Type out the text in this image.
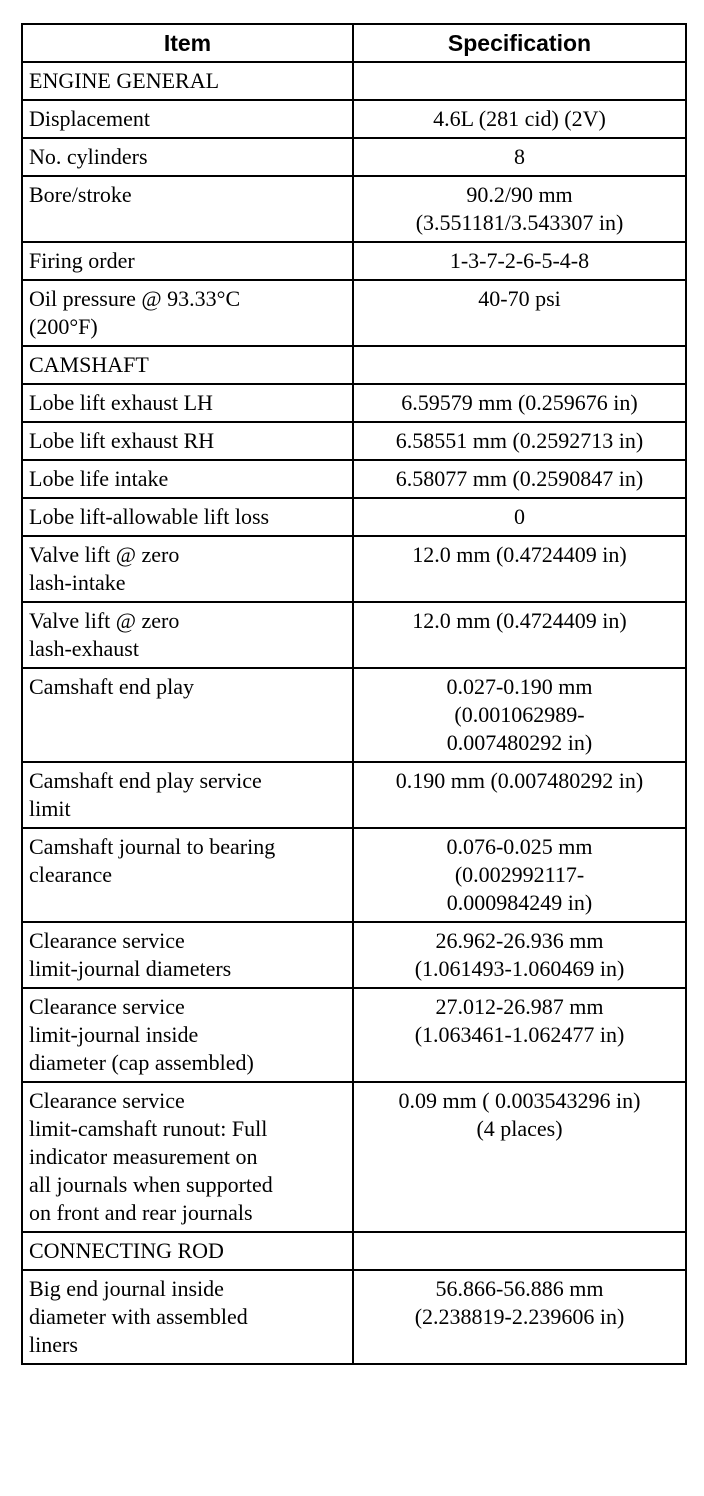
Item	Specification
ENGINE GENERAL	
Displacement	4.6L (281 cid) (2V)
No. cylinders	8
Bore/stroke	90.2/90 mm
(3.551181/3.543307 in)
Firing order	1-3-7-2-6-5-4-8
Oil pressure @ 93.33°C
(200°F)	40-70 psi
CAMSHAFT	
Lobe lift exhaust LH	6.59579 mm (0.259676 in)
Lobe lift exhaust RH	6.58551 mm (0.2592713 in)
Lobe life intake	6.58077 mm (0.2590847 in)
Lobe lift-allowable lift loss	0
Valve lift @ zero
lash-intake	12.0 mm (0.4724409 in)
Valve lift @ zero
lash-exhaust	12.0 mm (0.4724409 in)
Camshaft end play	0.027-0.190 mm
(0.001062989-
0.007480292 in)
Camshaft end play service
limit	0.190 mm (0.007480292 in)
Camshaft journal to bearing
clearance	0.076-0.025 mm
(0.002992117-
0.000984249 in)
Clearance service
limit-journal diameters	26.962-26.936 mm
(1.061493-1.060469 in)
Clearance service
limit-journal inside
diameter (cap assembled)	27.012-26.987 mm
(1.063461-1.062477 in)
Clearance service
limit-camshaft runout: Full
indicator measurement on
all journals when supported
on front and rear journals	0.09 mm ( 0.003543296 in)
(4 places)
CONNECTING ROD	
Big end journal inside
diameter with assembled
liners	56.866-56.886 mm
(2.238819-2.239606 in)
